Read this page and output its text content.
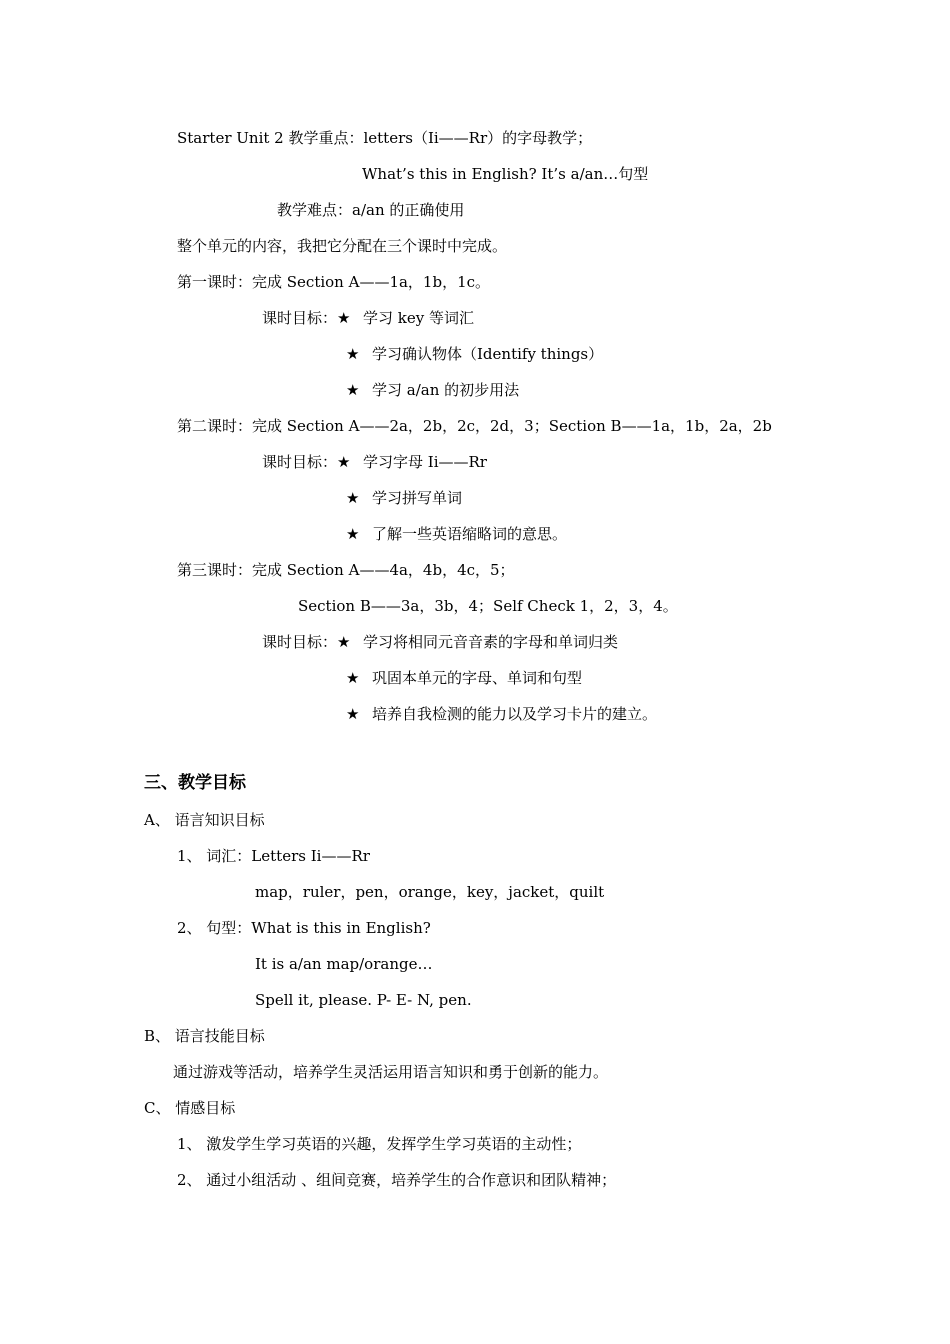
Starter Unit 2 教学重点：letters（Ii——Rr）的字母教学；
What’s this in English? It’s a/an…句型
教学难点：a/an 的正确使用
整个单元的内容，我把它分配在三个课时中完成。
第一课时：完成 Section A——1a，1b，1c。
课时目标：★ 学习 key 等词汇
★ 学习确认物体（Identify things）
★ 学习 a/an 的初步用法
第二课时：完成 Section A——2a，2b，2c，2d，3；Section B——1a，1b，2a，2b
课时目标：★ 学习字母 Ii——Rr
★ 学习拼写单词
★ 了解一些英语缩略词的意思。
第三课时：完成 Section A——4a，4b，4c，5；
Section B——3a，3b，4；Self Check 1，2，3，4。
课时目标：★ 学习将相同元音音素的字母和单词归类
★ 巩固本单元的字母、单词和句型
★ 培养自我检测的能力以及学习卡片的建立。
三、教学目标
A、 语言知识目标
1、 词汇：Letters Ii——Rr
map，ruler，pen，orange，key，jacket，quilt
2、 句型：What is this in English?
It is a/an map/orange…
Spell it, please. P- E- N, pen.
B、 语言技能目标
通过游戏等活动，培养学生灵活运用语言知识和勇于创新的能力。
C、 情感目标
1、 激发学生学习英语的兴趣，发挥学生学习英语的主动性；
2、 通过小组活动 、组间竞赛，培养学生的合作意识和团队精神；
